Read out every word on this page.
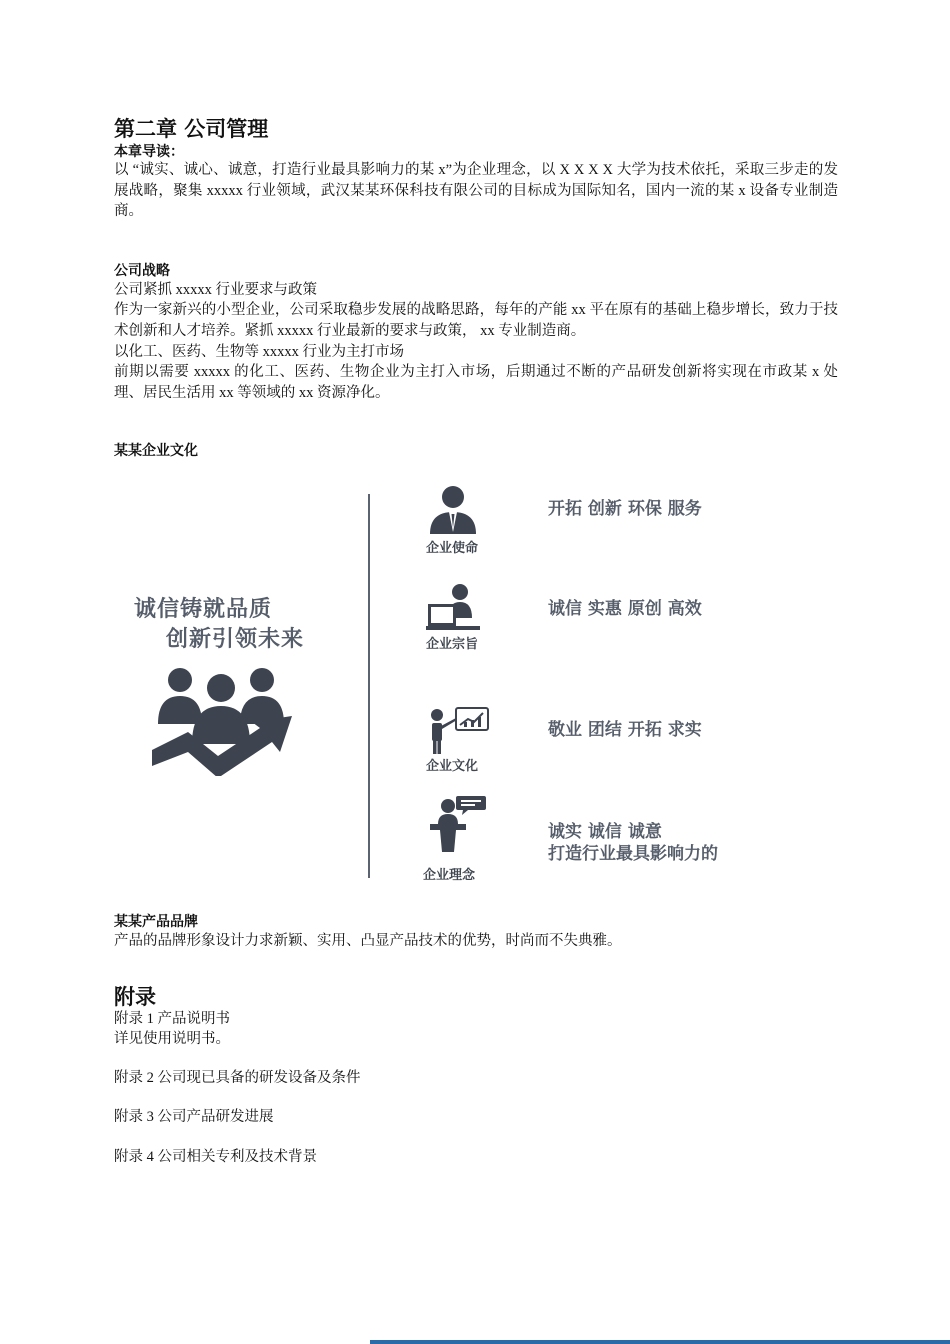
第二章 公司管理
本章导读：
以 “诚实、诚心、诚意，打造行业最具影响力的某 x”为企业理念，以 X X X X 大学为技术依托，采取三步走的发展战略，聚集 xxxxx 行业领域，武汉某某环保科技有限公司的目标成为国际知名，国内一流的某 x 设备专业制造商。
公司战略
公司紧抓 xxxxx 行业要求与政策
作为一家新兴的小型企业，公司采取稳步发展的战略思路，每年的产能 xx 平在原有的基础上稳步增长，致力于技术创新和人才培养。紧抓 xxxxx 行业最新的要求与政策， xx 专业制造商。
以化工、医药、生物等 xxxxx 行业为主打市场
前期以需要 xxxxx 的化工、医药、生物企业为主打入市场，后期通过不断的产品研发创新将实现在市政某 x 处理、居民生活用 xx 等领域的 xx 资源净化。
某某企业文化
某某产品品牌
产品的品牌形象设计力求新颖、实用、凸显产品技术的优势，时尚而不失典雅。
附录
附录 1 产品说明书
详见使用说明书。
附录 2 公司现已具备的研发设备及条件
附录 3 公司产品研发进展
附录 4 公司相关专利及技术背景
诚信铸就品质
创新引领未来
企业使命
开拓 创新 环保 服务
企业宗旨
诚信 实惠 原创 高效
企业文化
敬业 团结 开拓 求实
企业理念
诚实 诚信 诚意
打造行业最具影响力的
